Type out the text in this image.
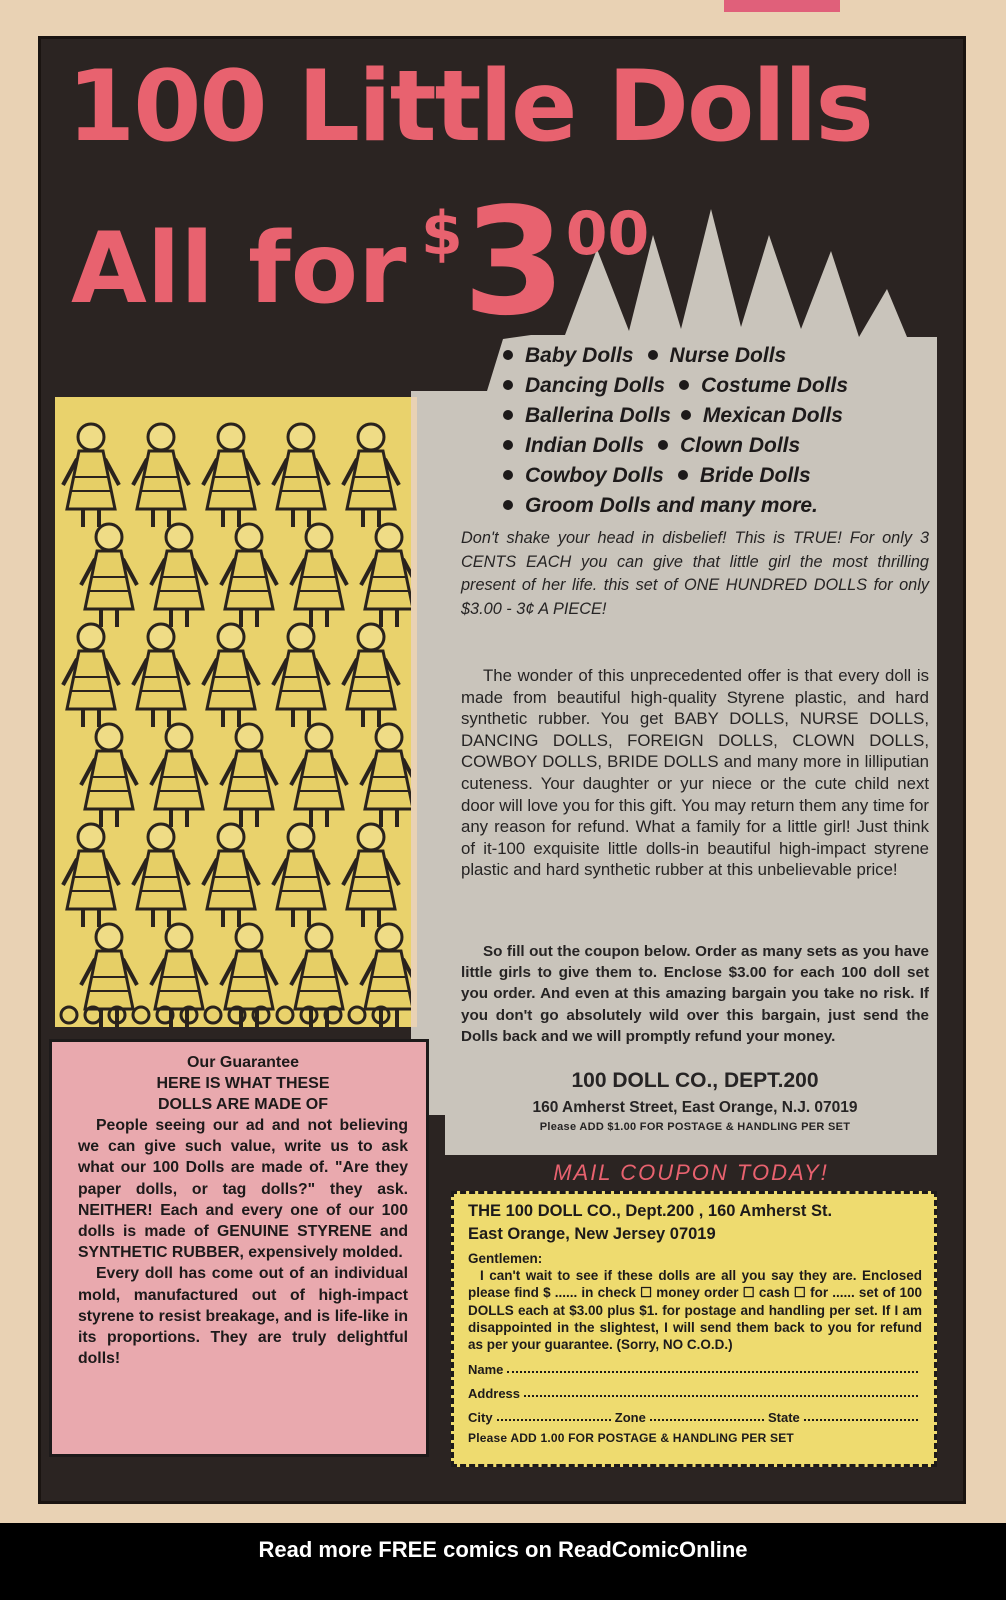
100 Little Dolls
All for $300
Baby Dolls Nurse Dolls
Dancing Dolls Costume Dolls
Ballerina Dolls Mexican Dolls
Indian Dolls Clown Dolls
Cowboy Dolls Bride Dolls
Groom Dolls and many more.

Don't shake your head in disbelief! This is TRUE! For only 3 CENTS EACH you can give that little girl the most thrilling present of her life. this set of ONE HUNDRED DOLLS for only $3.00 - 3¢ A PIECE!

The wonder of this unprecedented offer is that every doll is made from beautiful high-quality Styrene plastic, and hard synthetic rubber. You get BABY DOLLS, NURSE DOLLS, DANCING DOLLS, FOREIGN DOLLS, CLOWN DOLLS, COWBOY DOLLS, BRIDE DOLLS and many more in lilliputian cuteness. Your daughter or yur niece or the cute child next door will love you for this gift. You may return them any time for any reason for refund. What a family for a little girl! Just think of it-100 exquisite little dolls-in beautiful high-impact styrene plastic and hard synthetic rubber at this unbelievable price!

So fill out the coupon below. Order as many sets as you have little girls to give them to. Enclose $3.00 for each 100 doll set you order. And even at this amazing bargain you take no risk. If you don't go absolutely wild over this bargain, just send the Dolls back and we will promptly refund your money.

100 DOLL CO., DEPT.200
160 Amherst Street, East Orange, N.J. 07019
Please ADD $1.00 FOR POSTAGE & HANDLING PER SET
Our Guarantee
HERE IS WHAT THESE
DOLLS ARE MADE OF

People seeing our ad and not believing we can give such value, write us to ask what our 100 Dolls are made of. "Are they paper dolls, or tag dolls?" they ask. NEITHER! Each and every one of our 100 dolls is made of GENUINE STYRENE and SYNTHETIC RUBBER, expensively molded.

Every doll has come out of an individual mold, manufactured out of high-impact styrene to resist breakage, and is life-like in its proportions. They are truly delightful dolls!

MAIL COUPON TODAY!
THE 100 DOLL CO., Dept.200 , 160 Amherst St.
East Orange, New Jersey 07019
Gentlemen:
I can't wait to see if these dolls are all you say they are. Enclosed please find $ ...... in check ☐ money order ☐ cash ☐ for ...... set of 100 DOLLS each at $3.00 plus $1. for postage and handling per set. If I am disappointed in the slightest, I will send them back to you for refund as per your guarantee. (Sorry, NO C.O.D.)
Name
Address
City	Zone	State
Please ADD 1.00 FOR POSTAGE & HANDLING PER SET
Read more FREE comics on ReadComicOnline
